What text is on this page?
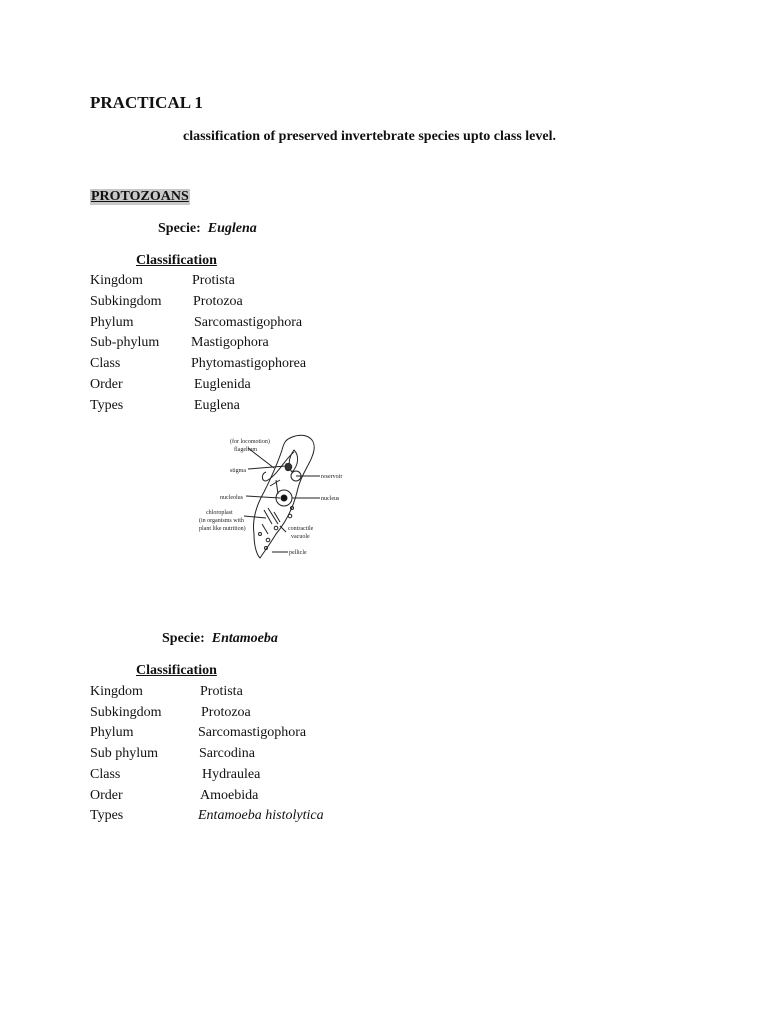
PRACTICAL 1
classification of preserved invertebrate species upto class level.
PROTOZOANS
Specie: Euglena
Classification
Kingdom	Protista
Subkingdom Protozoa
Phylum	Sarcomastigophora
Sub-phylum Mastigophora
Class	Phytomastigophorea
Order	Euglenida
Types	Euglena
(for locomotion)
flagellum
stigma
reservoir
nucleolus	nucleus
chloroplast
(in organisms with
plant like nutrition)	contractile
vacuole
pellicle
Specie: Entamoeba
Classification
Kingdom	Protista
Subkingdom	Protozoa
Phylum	Sarcomastigophora
Sub phylum	Sarcodina
Class	Hydraulea
Order	Amoebida
Types	Entamoeba histolytica
